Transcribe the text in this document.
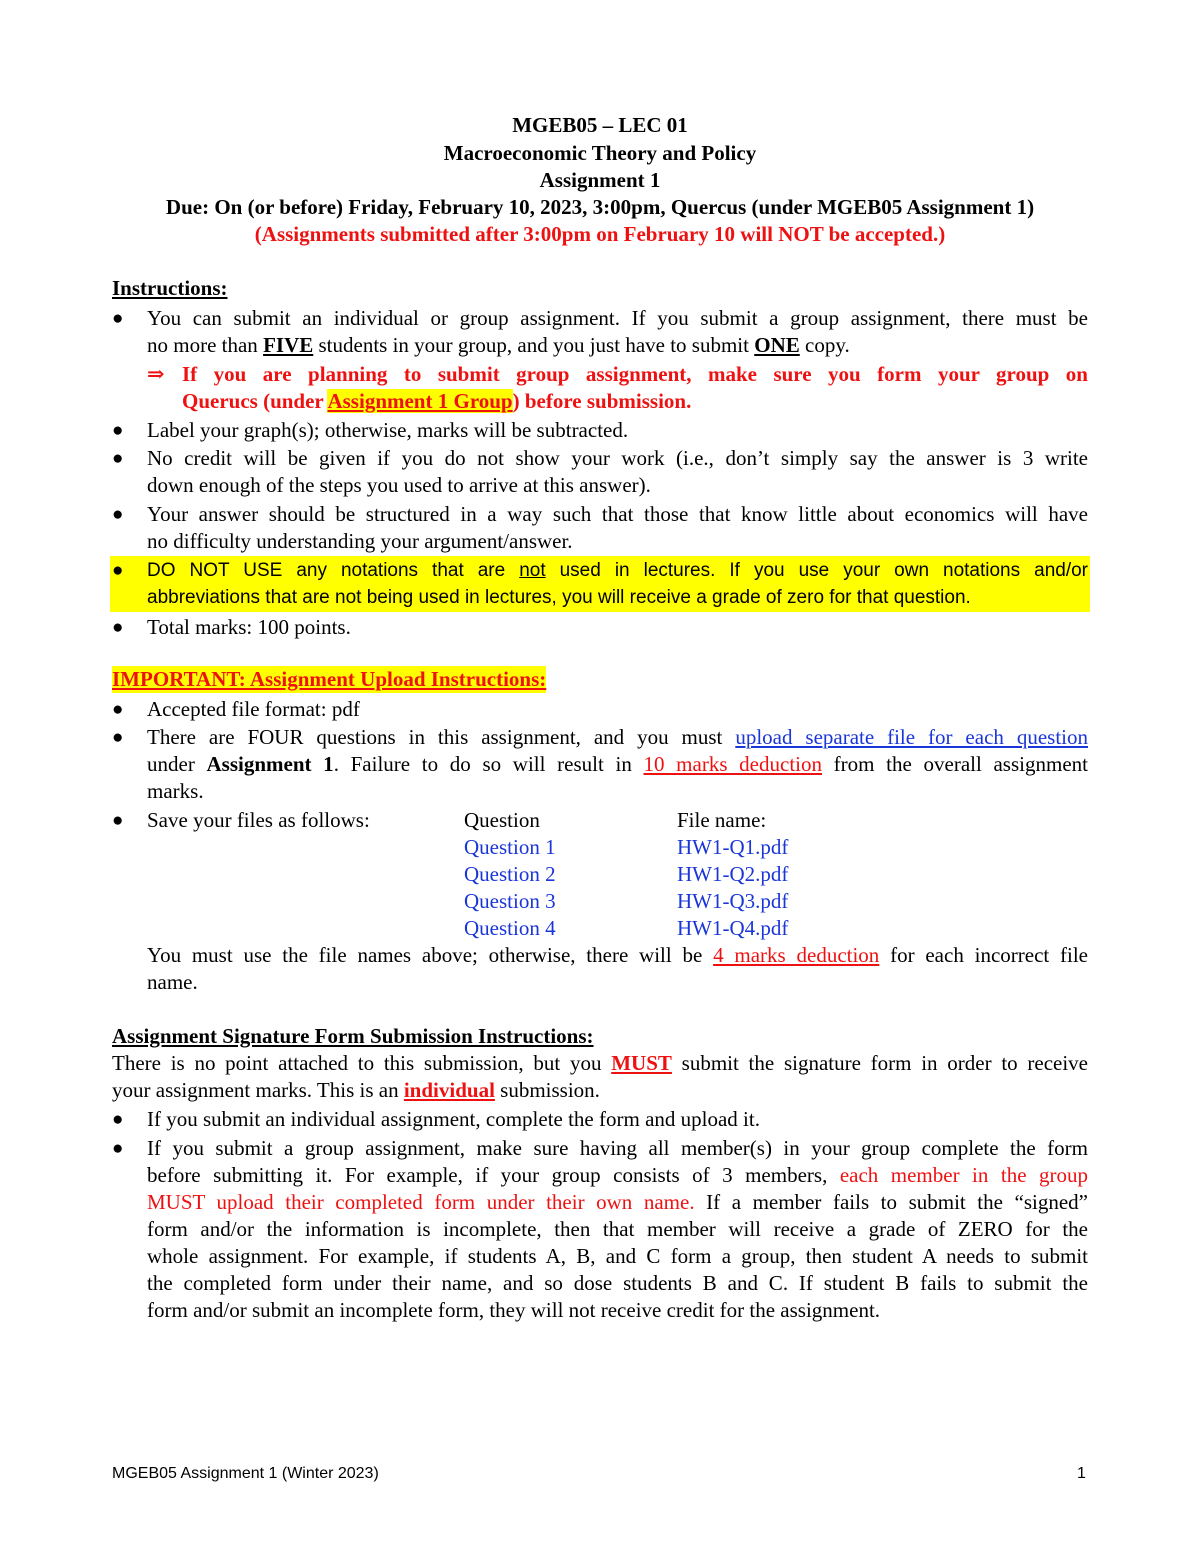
MGEB05 – LEC 01
Macroeconomic Theory and Policy
Assignment 1
Due: On (or before) Friday, February 10, 2023, 3:00pm, Quercus (under MGEB05 Assignment 1)
(Assignments submitted after 3:00pm on February 10 will NOT be accepted.)
Instructions:
● You can submit an individual or group assignment. If you submit a group assignment, there must be
no more than FIVE students in your group, and you just have to submit ONE copy.
⇒ If you are planning to submit group assignment, make sure you form your group on
Querucs (under Assignment 1 Group) before submission.
● Label your graph(s); otherwise, marks will be subtracted.
● No credit will be given if you do not show your work (i.e., don’t simply say the answer is 3 write
down enough of the steps you used to arrive at this answer).
● Your answer should be structured in a way such that those that know little about economics will have
no difficulty understanding your argument/answer.
● DO NOT USE any notations that are not used in lectures. If you use your own notations and/or
abbreviations that are not being used in lectures, you will receive a grade of zero for that question.
● Total marks: 100 points.
IMPORTANT: Assignment Upload Instructions:
● Accepted file format: pdf
● There are FOUR questions in this assignment, and you must upload separate file for each question
under Assignment 1. Failure to do so will result in 10 marks deduction from the overall assignment
marks.
● Save your files as follows:	Question	File name:
Question 1	HW1-Q1.pdf
Question 2	HW1-Q2.pdf
Question 3	HW1-Q3.pdf
Question 4	HW1-Q4.pdf
You must use the file names above; otherwise, there will be 4 marks deduction for each incorrect file
name.
Assignment Signature Form Submission Instructions:
There is no point attached to this submission, but you MUST submit the signature form in order to receive
your assignment marks. This is an individual submission.
● If you submit an individual assignment, complete the form and upload it.
● If you submit a group assignment, make sure having all member(s) in your group complete the form
before submitting it. For example, if your group consists of 3 members, each member in the group
MUST upload their completed form under their own name. If a member fails to submit the “signed”
form and/or the information is incomplete, then that member will receive a grade of ZERO for the
whole assignment. For example, if students A, B, and C form a group, then student A needs to submit
the completed form under their name, and so dose students B and C. If student B fails to submit the
form and/or submit an incomplete form, they will not receive credit for the assignment.
MGEB05 Assignment 1 (Winter 2023)	1
